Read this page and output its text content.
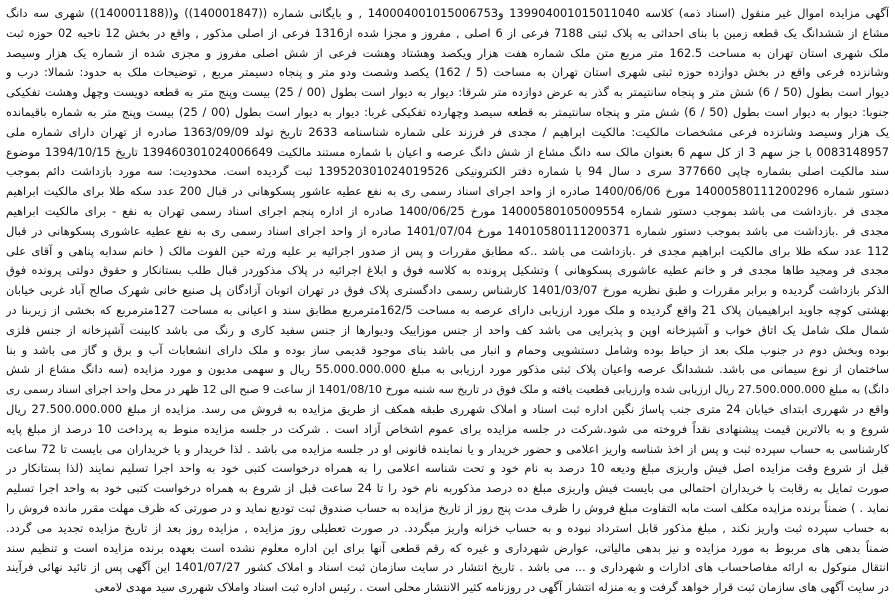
آگهی مزایده اموال غیر منقول (اسناد ذمه) کلاسه 139904001015011040 و140004001015006753 , و بایگانی شماره ((140001847)) و((140001188)) شهری سه دانگ
مشاع از ششدانگ یک قطعه زمین با بنای احداثی به پلاک ثبتی 7188 فرعی از 6 اصلی , مفروز و مجزا شده از1316 فرعی از اصلی مذکور , واقع در بخش 12 ناحیه 02 حوزه ثبت
ملک شهری استان تهران به مساحت 162.5 متر مربع متن ملک شماره هفت هزار ویکصد وهشتاد وهشت فرعی از شش اصلی مفروز و مجزی شده از شماره یک هزار وسیصد
وشانزده فرعی واقع در بخش دوازده حوزه ثبتی شهری استان تهران به مساحت (5 / 162) یکصد وشصت ودو متر و پنجاه دسیمتر مربع , توضیحات ملک به حدود: شمالا: درب و
دیوار است بطول (50 / 6) شش متر و پنجاه سانتیمتر به گذر به عرض دوازده متر شرقا: دیوار به دیوار است بطول (00 / 25) بیست وپنج متر به قطعه دویست وچهل وهشت تفکیکی
جنوبا: دیوار به دیوار است بطول (50 / 6) شش متر و پنجاه سانتیمتر به قطعه سیصد وچهارده تفکیکی غربا: دیوار به دیوار است بطول (00 / 25) بیست وپنج متر به شماره باقیمانده
یک هزار وسیصد وشانزده فرعی مشخصات مالکیت: مالکیت ابراهیم / مجدی فر فرزند علی شماره شناسنامه 2633 تاریخ تولد 1363/09/09 صادره از تهران دارای شماره ملی
0083148957 با جز سهم 3 از کل سهم 6 بعنوان مالک سه دانگ مشاع از شش دانگ عرصه و اعیان با شماره مستند مالکیت 139460301024006649 تاریخ 1394/10/15 موضوع
سند مالکیت اصلی بشماره چاپی 377660 سری د سال 94 با شماره دفتر الکترونیکی 139520301024019526 ثبت گردیده است. محدودیت: سه مورد بازداشت دائم بموجب
دستور شماره 14000580111200296 مورخ 1400/06/06 صادره از واحد اجرای اسناد رسمی ری به نفع عطیه عاشور پسکوهانی در قبال 200 عدد سکه طلا برای مالکیت ابراهیم
مجدی فر .بازداشت می باشد بموجب دستور شماره 14000580105009554 مورخ 1400/06/25 صادره از اداره پنجم اجرای اسناد رسمی تهران به نفع - برای مالکیت ابراهیم
مجدی فر .بازداشت می باشد بموجب دستور شماره 14010580111200371 مورخ 1401/07/04 صادره از واحد اجرای اسناد رسمی ری به نفع عطیه عاشوری پسکوهانی در قبال
112 عدد سکه طلا برای مالکیت ابراهیم مجدی فر .بازداشت می باشد ..که مطابق مقررات و پس از صدور اجرائیه بر علیه ورثه حین الفوت مالک ( خانم سدابه پناهی و آقای علی
مجدی فر ومجید طاها مجدی فر و خانم عطیه عاشوری پسکوهانی ) وتشکیل پرونده به کلاسه فوق و ابلاغ اجرائیه در پلاک مذکوردر قبال طلب بستانکار و حقوق دولتی پرونده فوق
الذکر بازداشت گردیده و برابر مقررات و طبق نظریه مورخ 1401/03/07 کارشناس رسمی دادگستری پلاک فوق در تهران اتوبان آزادگان پل صنیع خانی شهرک صالح آباد غربی خیابان
بهشتی کوچه جاوید ابراهیمیان پلاک 21 واقع گردیده و ملک مورد ارزیابی دارای عرصه به مساحت 162/5مترمربع مطابق سند و اعیانی به مساحت 127مترمربع که بخشی از زیربنا در
شمال ملک شامل یک اتاق خواب و آشپزخانه اوپن و پذیرایی می باشد کف واحد از جنس موزاییک ودیوارها از جنس سفید کاری و رنگ می باشد کابینت آشپزخانه از جنس فلزی
بوده وبخش دوم در جنوب ملک بعد از حیاط بوده وشامل دستشویی وحمام و انبار می باشد بنای موجود قدیمی ساز بوده و ملک دارای انشعابات آب و برق و گاز می باشد و بنا
ساختمان از نوع سیمانی می باشد. ششدانگ عرصه واعیان پلاک ثبتی مذکور مورد ارزیابی به مبلغ 55.000.000.000 ریال و سهمی مدیون و مورد مزایده (سه دانگ مشاع از شش
دانگ) به مبلغ 27.500.000.000 ریال ارزیابی شده وارزیابی قطعیت یافته و ملک فوق در تاریخ سه شنبه مورخ 1401/08/10 از ساعت 9 صبح الی 12 ظهر در محل واحد اجرای اسناد رسمی ری
واقع در شهرری ابتدای خیابان 24 متری جنب پاساژ نگین اداره ثبت اسناد و املاک شهرری طبقه همکف از طریق مزایده به فروش می رسد. مزایده از مبلغ 27.500.000.000 ریال
شروع و به بالاترین قیمت پیشنهادی نقداً فروخته می شود.شرکت در جلسه مزایده برای عموم اشخاص آزاد است . شرکت در جلسه مزایده منوط به پرداخت 10 درصد از مبلغ پایه
کارشناسی به حساب سپرده ثبت و پس از اخذ شناسه واریز اعلامی و حضور خریدار و یا نماینده قانونی او در جلسه مزایده می باشد . لذا خریدار و یا خریداران می بایست تا 72 ساعت
قبل از شروع وقت مزایده اصل فیش واریزی مبلغ ودیعه 10 درصد به نام خود و تحت شناسه اعلامی را به همراه درخواست کتبی خود به واحد اجرا تسلیم نمایند (لذا بستانکار در
صورت تمایل به رقابت با خریداران احتمالی می بایست فیش واریزی مبلغ ده درصد مذکوربه نام خود را تا 24 ساعت قبل از شروع به همراه درخواست کتبی خود به واحد اجرا تسلیم
نماید . ) ضمناً برنده مزایده مکلف است مابه التفاوت مبلغ فروش را ظرف مدت پنج روز از تاریخ مزایده به حساب صندوق ثبت تودیع نماید و در صورتی که ظرف مهلت مقرر مانده فروش را
به حساب سپرده ثبت واریز نکند , مبلغ مذکور قابل استرداد نبوده و به حساب خزانه واریز میگردد. در صورت تعطیلی روز مزایده , مزایده روز بعد از تاریخ مزایده تجدید می گردد.
ضمناً بدهی های مربوط به مورد مزایده و نیز بدهی مالیاتی، عوارض شهرداری و غیره که رقم قطعی آنها برای این اداره معلوم نشده است بعهده برنده مزایده است و تنظیم سند
انتقال منوکول به ارائه مفاصاحساب های ادارات و شهرداری و ... می باشد . تاریخ انتشار در سایت سازمان ثبت اسناد و املاک کشور 1401/07/27 این آگهی پس از تائید نهائی فرآیند
در سایت آگهی های سازمان ثبت قرار خواهد گرفت و به منزله انتشار آگهی در روزنامه کثیر الانتشار محلی است . رئیس اداره ثبت اسناد واملاک شهرری سید مهدی لامعی
